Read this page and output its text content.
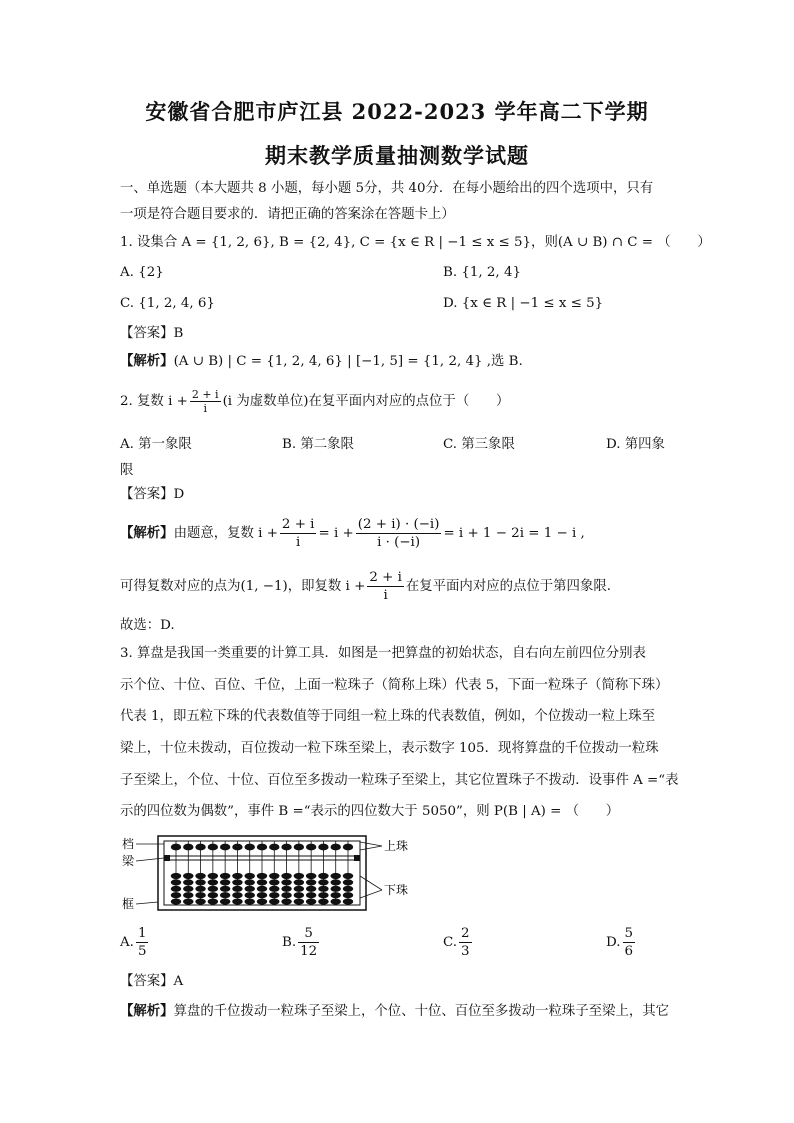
安徽省合肥市庐江县 2022-2023 学年高二下学期
期末教学质量抽测数学试题
一、单选题（本大题共 8 小题，每小题 5分，共 40分．在每小题给出的四个选项中，只有
一项是符合题目要求的．请把正确的答案涂在答题卡上）
1. 设集合 A = {1, 2, 6}, B = {2, 4}, C = {x ∈ R | −1 ≤ x ≤ 5}，则(A ∪ B) ∩ C = （　　）
A. {2}	B. {1, 2, 4}
C. {1, 2, 4, 6}	D. {x ∈ R | −1 ≤ x ≤ 5}
【答案】B
【解析】(A ∪ B) | C = {1, 2, 4, 6} | [−1, 5] = {1, 2, 4} ,选 B.
2. 复数 $i + \frac{2 + i}{i} (i$ 为虚数单位)在复平面内对应的点位于（　　）
A. 第一象限	B. 第二象限	C. 第三象限	D. 第四象
限
【答案】D
【解析】由题意，复数 $i + \frac{2 + i}{i} = i + \frac{(2 + i) \cdot (-i)}{i \cdot (-i)} = i + 1 - 2i = 1 - i$ ,
可得复数对应的点为(1, −1)，即复数 $i + \frac{2 + i}{i}$ 在复平面内对应的点位于第四象限.
故选：D.
3. 算盘是我国一类重要的计算工具．如图是一把算盘的初始状态，自右向左前四位分别表
示个位、十位、百位、千位，上面一粒珠子（简称上珠）代表 5，下面一粒珠子（简称下珠）
代表 1，即五粒下珠的代表数值等于同组一粒上珠的代表数值，例如，个位拨动一粒上珠至
梁上，十位未拨动，百位拨动一粒下珠至梁上，表示数字 105．现将算盘的千位拨动一粒珠
子至梁上，个位、十位、百位至多拨动一粒珠子至梁上，其它位置珠子不拨动．设事件 A =“表
示的四位数为偶数”，事件 B =“表示的四位数大于 5050”，则 P(B | A) = （　　）
档
梁
框
上珠
下珠
A. $\frac{1}{5}$	B. $\frac{5}{12}$	C. $\frac{2}{3}$	D. $\frac{5}{6}$
【答案】A
【解析】算盘的千位拨动一粒珠子至梁上，个位、十位、百位至多拨动一粒珠子至梁上，其它
